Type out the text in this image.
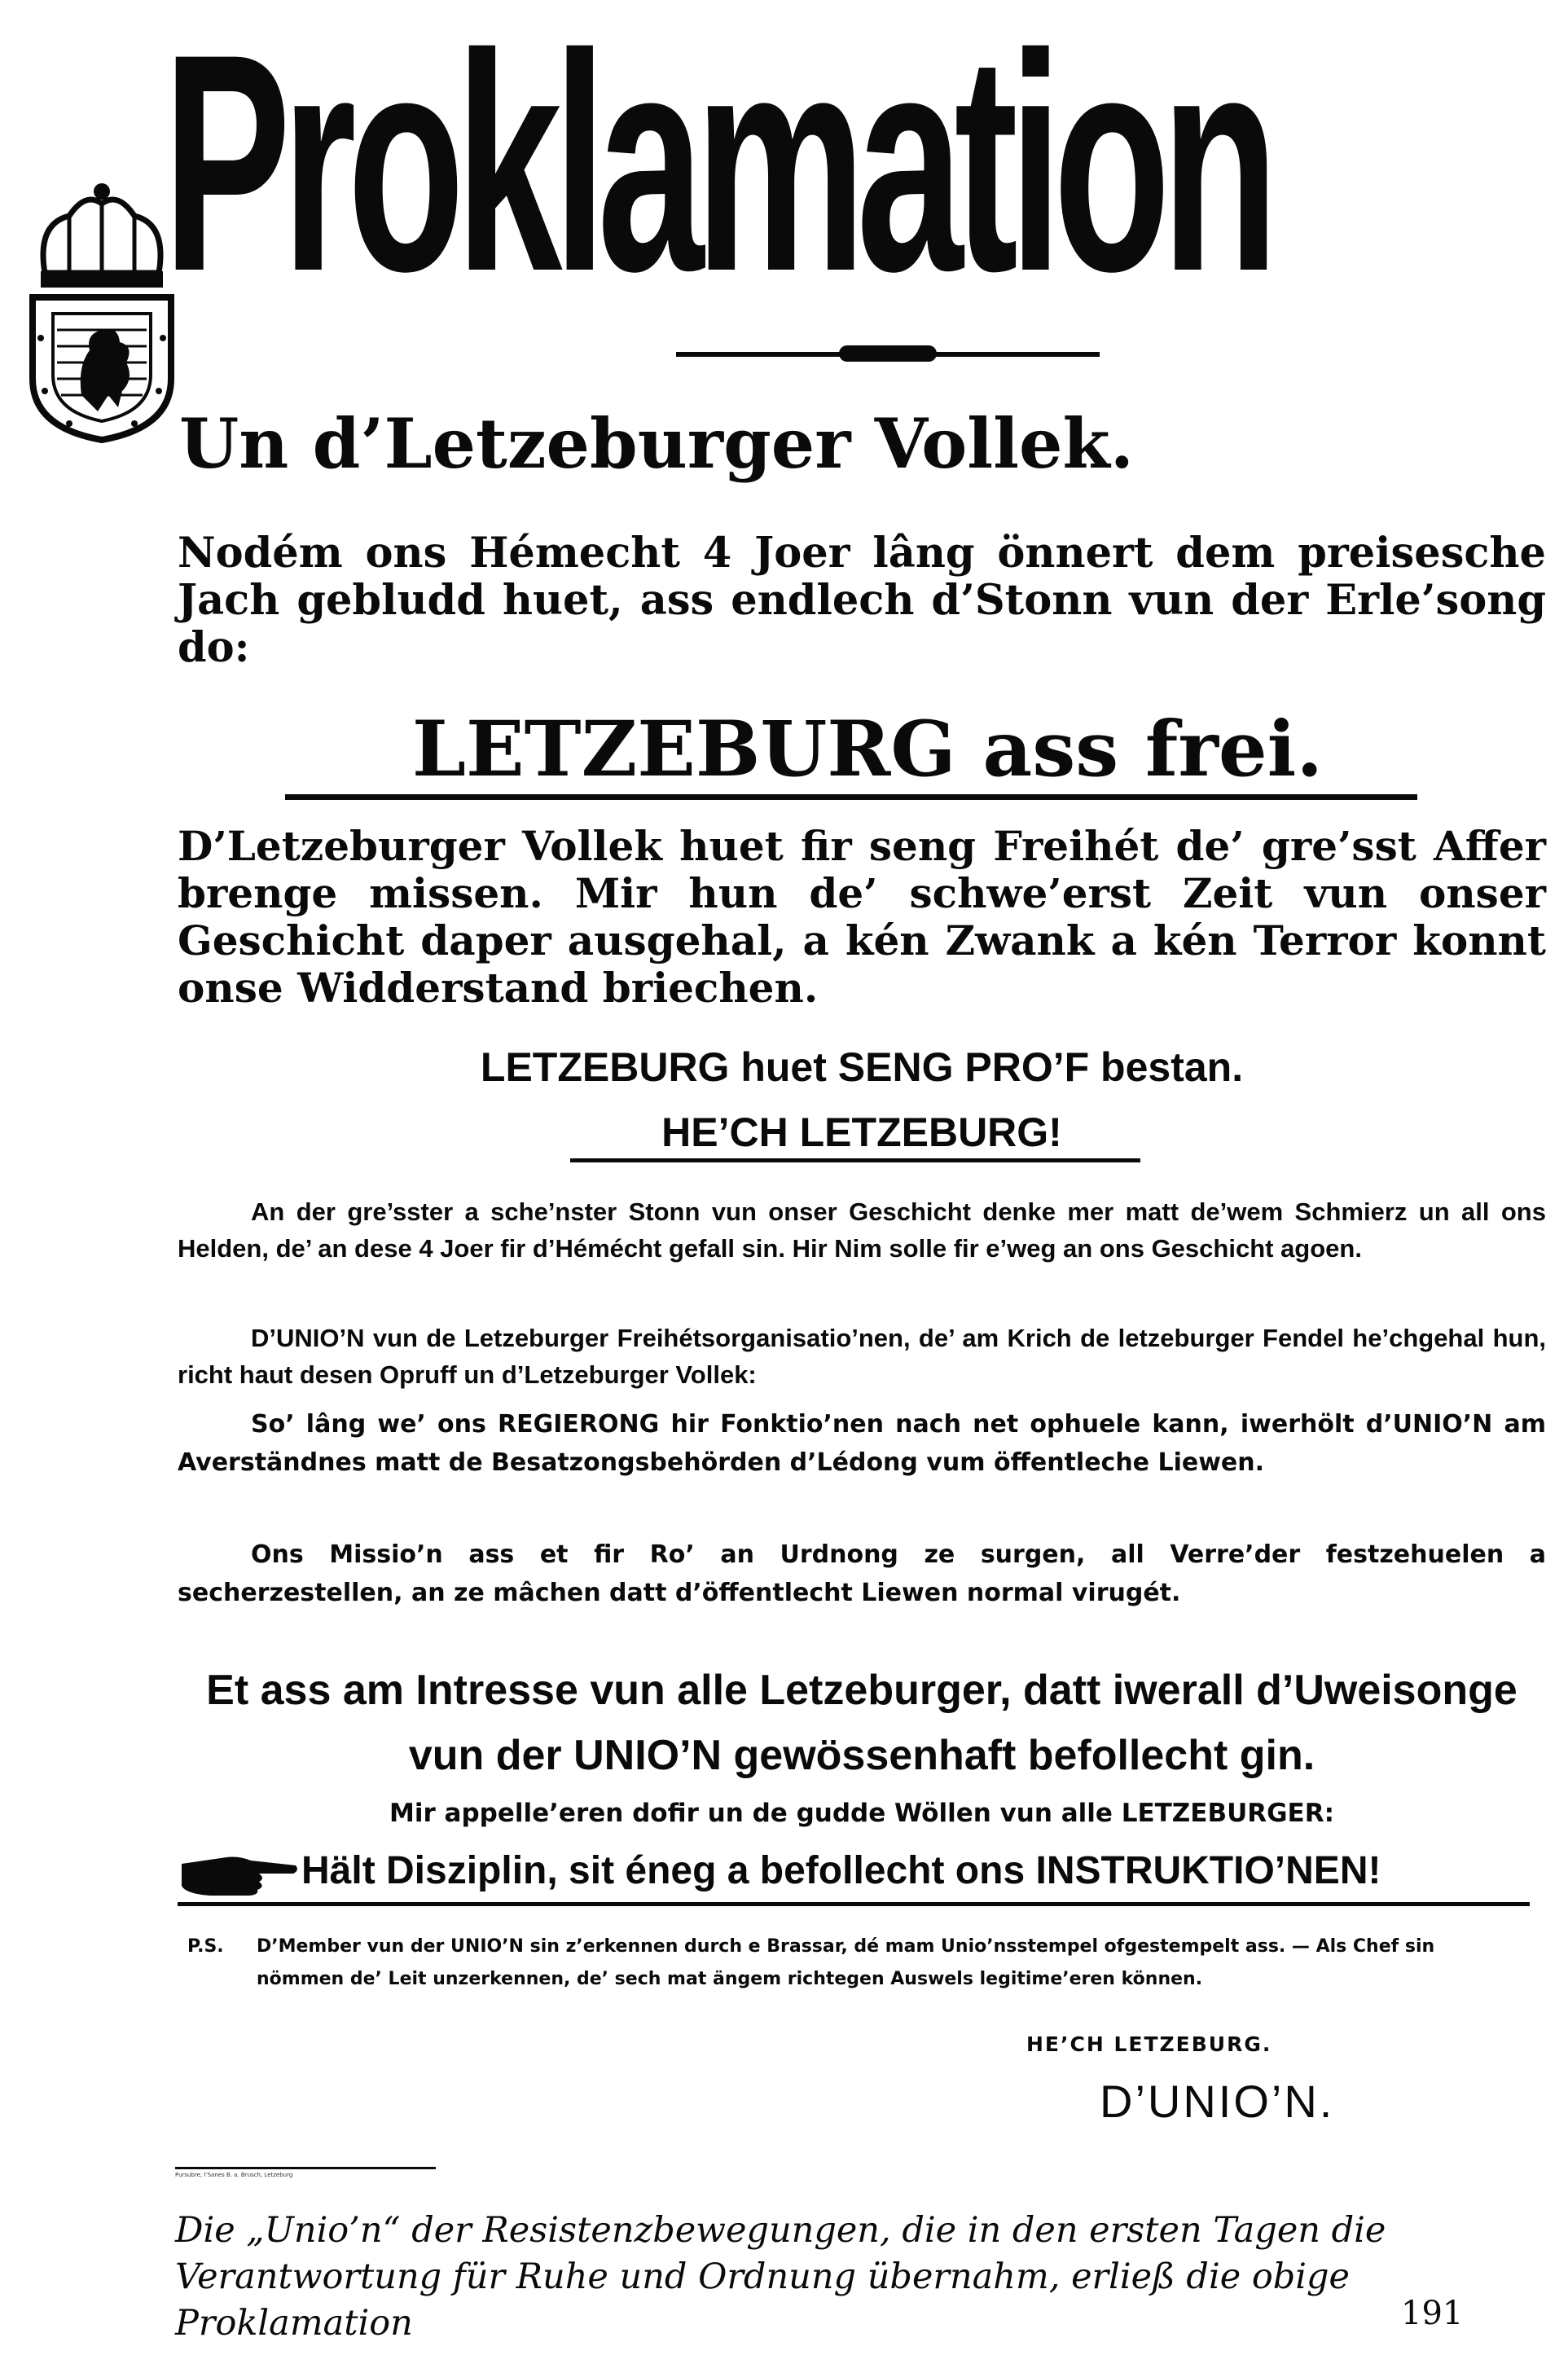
Proklamation
Un d’Letzeburger Vollek.
Nodém ons Hémecht 4 Joer lâng önnert dem preisesche Jach gebludd huet, ass endlech d’Stonn vun der Erle’song do:
LETZEBURG ass frei.
D’Letzeburger Vollek huet fir seng Freihét de’ gre’sst Affer brenge missen. Mir hun de’ schwe’erst Zeit vun onser Geschicht daper ausgehal, a kén Zwank a kén Terror konnt onse Widderstand briechen.
LETZEBURG huet SENG PRO’F bestan.
HE’CH LETZEBURG!
An der gre’sster a sche’nster Stonn vun onser Geschicht denke mer matt de’wem Schmierz un all ons Helden, de’ an dese 4 Joer fir d’Hémécht gefall sin. Hir Nim solle fir e’weg an ons Geschicht agoen.
D’UNIO’N vun de Letzeburger Freihétsorganisatio’nen, de’ am Krich de letzeburger Fendel he’chgehal hun, richt haut desen Opruff un d’Letzeburger Vollek:
So’ lâng we’ ons REGIERONG hir Fonktio’nen nach net ophuele kann, iwerhölt d’UNIO’N am Averständnes matt de Besatzongsbehörden d’Lédong vum öffentleche Liewen.
Ons Missio’n ass et fir Ro’ an Urdnong ze surgen, all Verre’der festzehuelen a secherzestellen, an ze mâchen datt d’öffentlecht Liewen normal virugét.
Et ass am Intresse vun alle Letzeburger, datt iwerall d’Uweisonge vun der UNIO’N gewössenhaft befollecht gin.
Mir appelle’eren dofir un de gudde Wöllen vun alle LETZEBURGER:
Hält Disziplin, sit éneg a befollecht ons INSTRUKTIO’NEN!
P.S.	D’Member vun der UNIO’N sin z’erkennen durch e Brassar, dé mam Unio’nsstempel ofgestempelt ass. — Als Chef sin nömmen de’ Leit unzerkennen, de’ sech mat ängem richtegen Auswels legitime’eren können.
HE’CH LETZEBURG.
D’UNIO’N.
Pursubre, l’Sanes B. a. Brusch, Letzeburg
Die „Unio’n“ der Resistenzbewegungen, die in den ersten Tagen die Verantwortung für Ruhe und Ordnung übernahm, erließ die obige Proklamation	191
